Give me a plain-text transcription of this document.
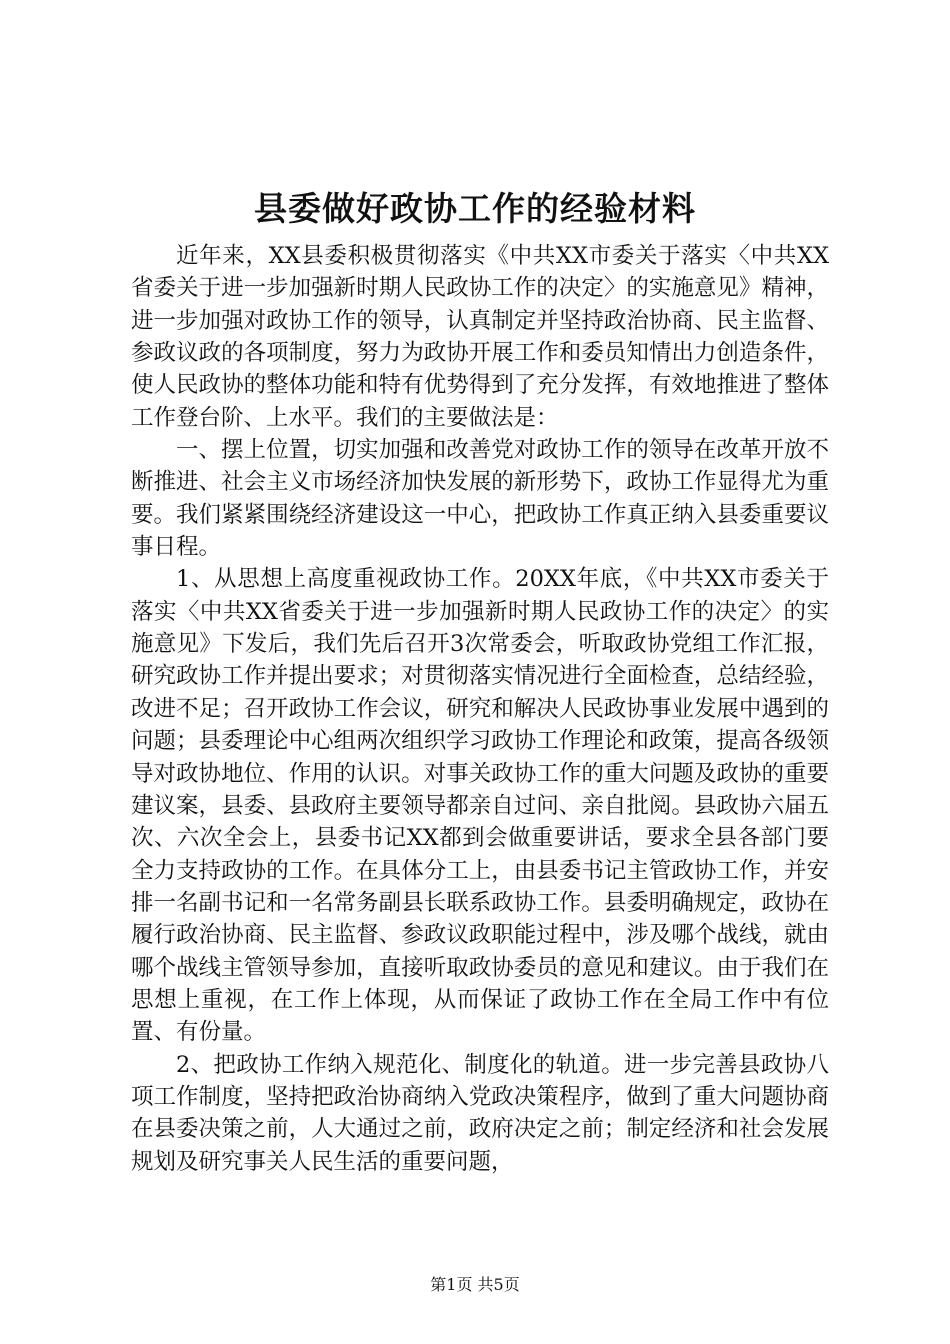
县委做好政协工作的经验材料

近年来，XX县委积极贯彻落实《中共XX市委关于落实〈中共XX省委关于进一步加强新时期人民政协工作的决定〉的实施意见》精神，进一步加强对政协工作的领导，认真制定并坚持政治协商、民主监督、参政议政的各项制度，努力为政协开展工作和委员知情出力创造条件，使人民政协的整体功能和特有优势得到了充分发挥，有效地推进了整体工作登台阶、上水平。我们的主要做法是：

一、摆上位置，切实加强和改善党对政协工作的领导在改革开放不断推进、社会主义市场经济加快发展的新形势下，政协工作显得尤为重要。我们紧紧围绕经济建设这一中心，把政协工作真正纳入县委重要议事日程。

1、从思想上高度重视政协工作。20XX年底，《中共XX市委关于落实〈中共XX省委关于进一步加强新时期人民政协工作的决定〉的实施意见》下发后，我们先后召开3次常委会，听取政协党组工作汇报，研究政协工作并提出要求；对贯彻落实情况进行全面检查，总结经验，改进不足；召开政协工作会议，研究和解决人民政协事业发展中遇到的问题；县委理论中心组两次组织学习政协工作理论和政策，提高各级领导对政协地位、作用的认识。对事关政协工作的重大问题及政协的重要建议案，县委、县政府主要领导都亲自过问、亲自批阅。县政协六届五次、六次全会上，县委书记XX都到会做重要讲话，要求全县各部门要全力支持政协的工作。在具体分工上，由县委书记主管政协工作，并安排一名副书记和一名常务副县长联系政协工作。县委明确规定，政协在履行政治协商、民主监督、参政议政职能过程中，涉及哪个战线，就由哪个战线主管领导参加，直接听取政协委员的意见和建议。由于我们在思想上重视，在工作上体现，从而保证了政协工作在全局工作中有位置、有份量。

2、把政协工作纳入规范化、制度化的轨道。进一步完善县政协八项工作制度，坚持把政治协商纳入党政决策程序，做到了重大问题协商在县委决策之前，人大通过之前，政府决定之前；制定经济和社会发展规划及研究事关人民生活的重要问题，

第1页 共5页
